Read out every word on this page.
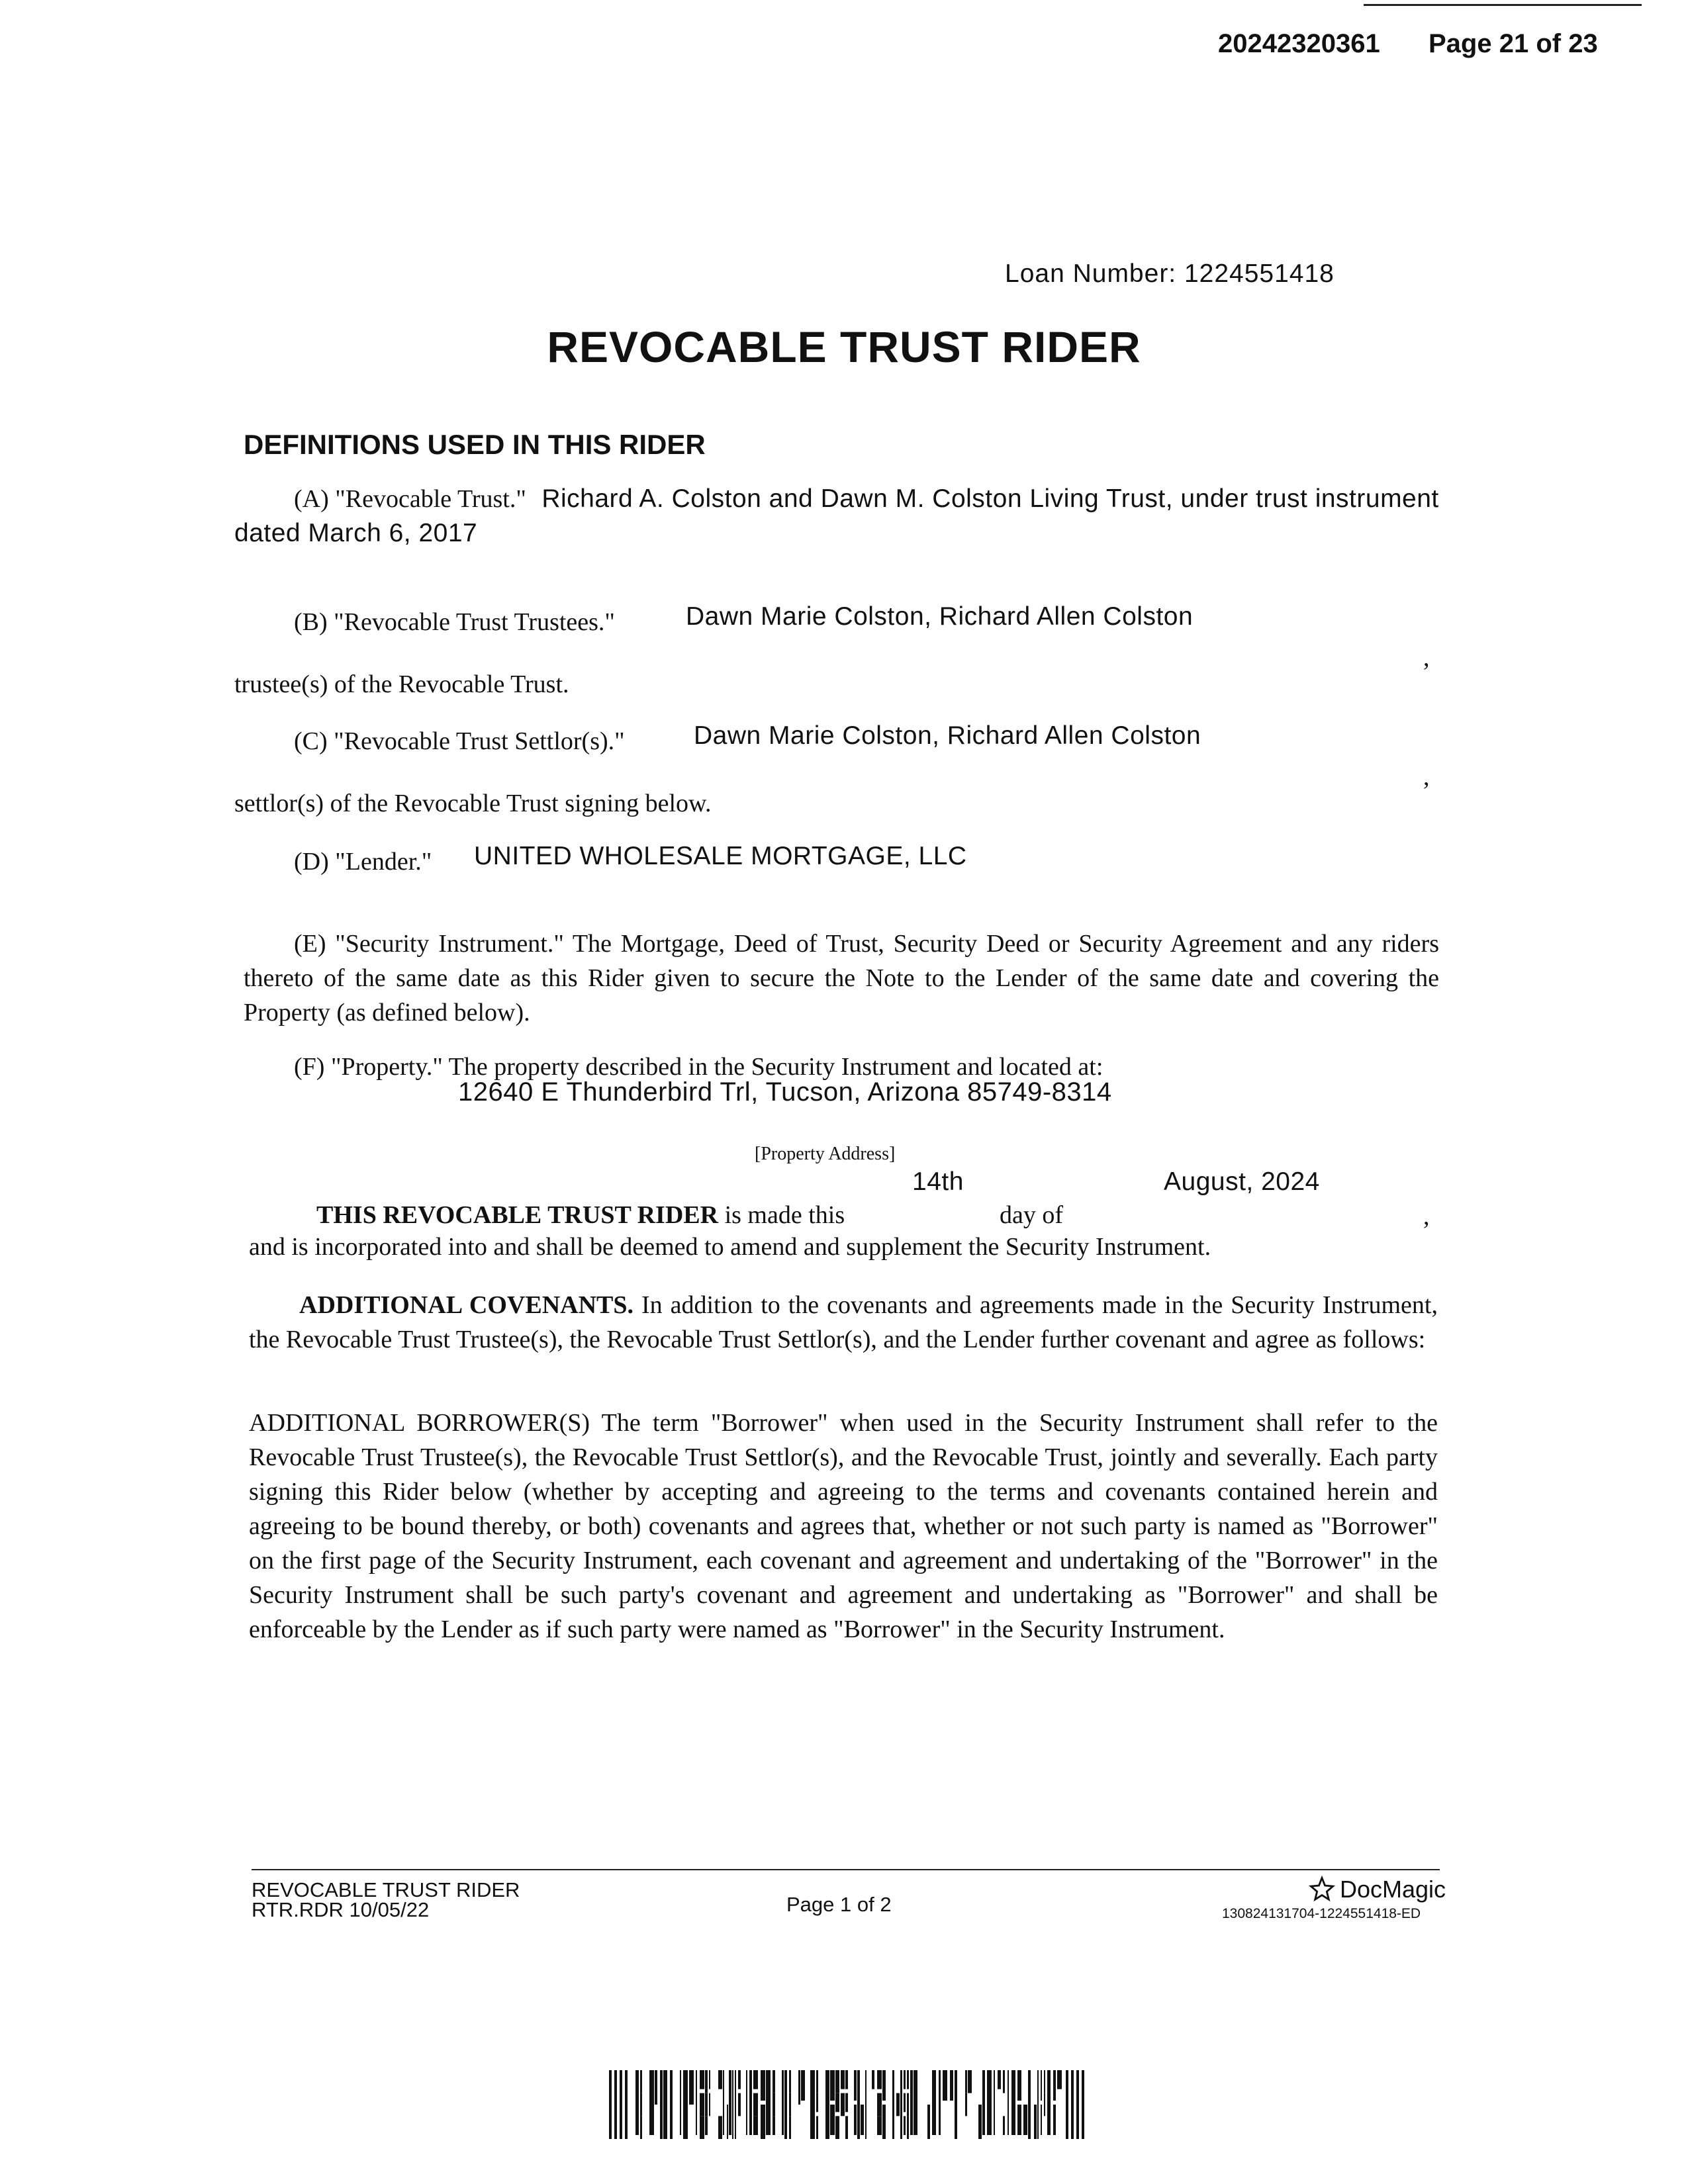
20242320361 Page 21 of 23
Loan Number: 1224551418
REVOCABLE TRUST RIDER
DEFINITIONS USED IN THIS RIDER
(A) "Revocable Trust." Richard A. Colston and Dawn M. Colston Living Trust, under trust instrument dated March 6, 2017
(B) "Revocable Trust Trustees."	Dawn Marie Colston, Richard Allen Colston
,
trustee(s) of the Revocable Trust.
(C) "Revocable Trust Settlor(s)."	Dawn Marie Colston, Richard Allen Colston
,
settlor(s) of the Revocable Trust signing below.
(D) "Lender." UNITED WHOLESALE MORTGAGE, LLC
(E) "Security Instrument." The Mortgage, Deed of Trust, Security Deed or Security Agreement and any riders thereto of the same date as this Rider given to secure the Note to the Lender of the same date and covering the Property (as defined below).
(F) "Property." The property described in the Security Instrument and located at:
12640 E Thunderbird Trl, Tucson, Arizona 85749-8314
[Property Address]
14th	August, 2024
THIS REVOCABLE TRUST RIDER is made this	day of	,
and is incorporated into and shall be deemed to amend and supplement the Security Instrument.
ADDITIONAL COVENANTS. In addition to the covenants and agreements made in the Security Instrument, the Revocable Trust Trustee(s), the Revocable Trust Settlor(s), and the Lender further covenant and agree as follows:
ADDITIONAL BORROWER(S) The term "Borrower" when used in the Security Instrument shall refer to the Revocable Trust Trustee(s), the Revocable Trust Settlor(s), and the Revocable Trust, jointly and severally. Each party signing this Rider below (whether by accepting and agreeing to the terms and covenants contained herein and agreeing to be bound thereby, or both) covenants and agrees that, whether or not such party is named as "Borrower" on the first page of the Security Instrument, each covenant and agreement and undertaking of the "Borrower" in the Security Instrument shall be such party's covenant and agreement and undertaking as "Borrower" and shall be enforceable by the Lender as if such party were named as "Borrower" in the Security Instrument.
REVOCABLE TRUST RIDER
RTR.RDR 10/05/22	Page 1 of 2
DocMagic
130824131704-1224551418-ED
